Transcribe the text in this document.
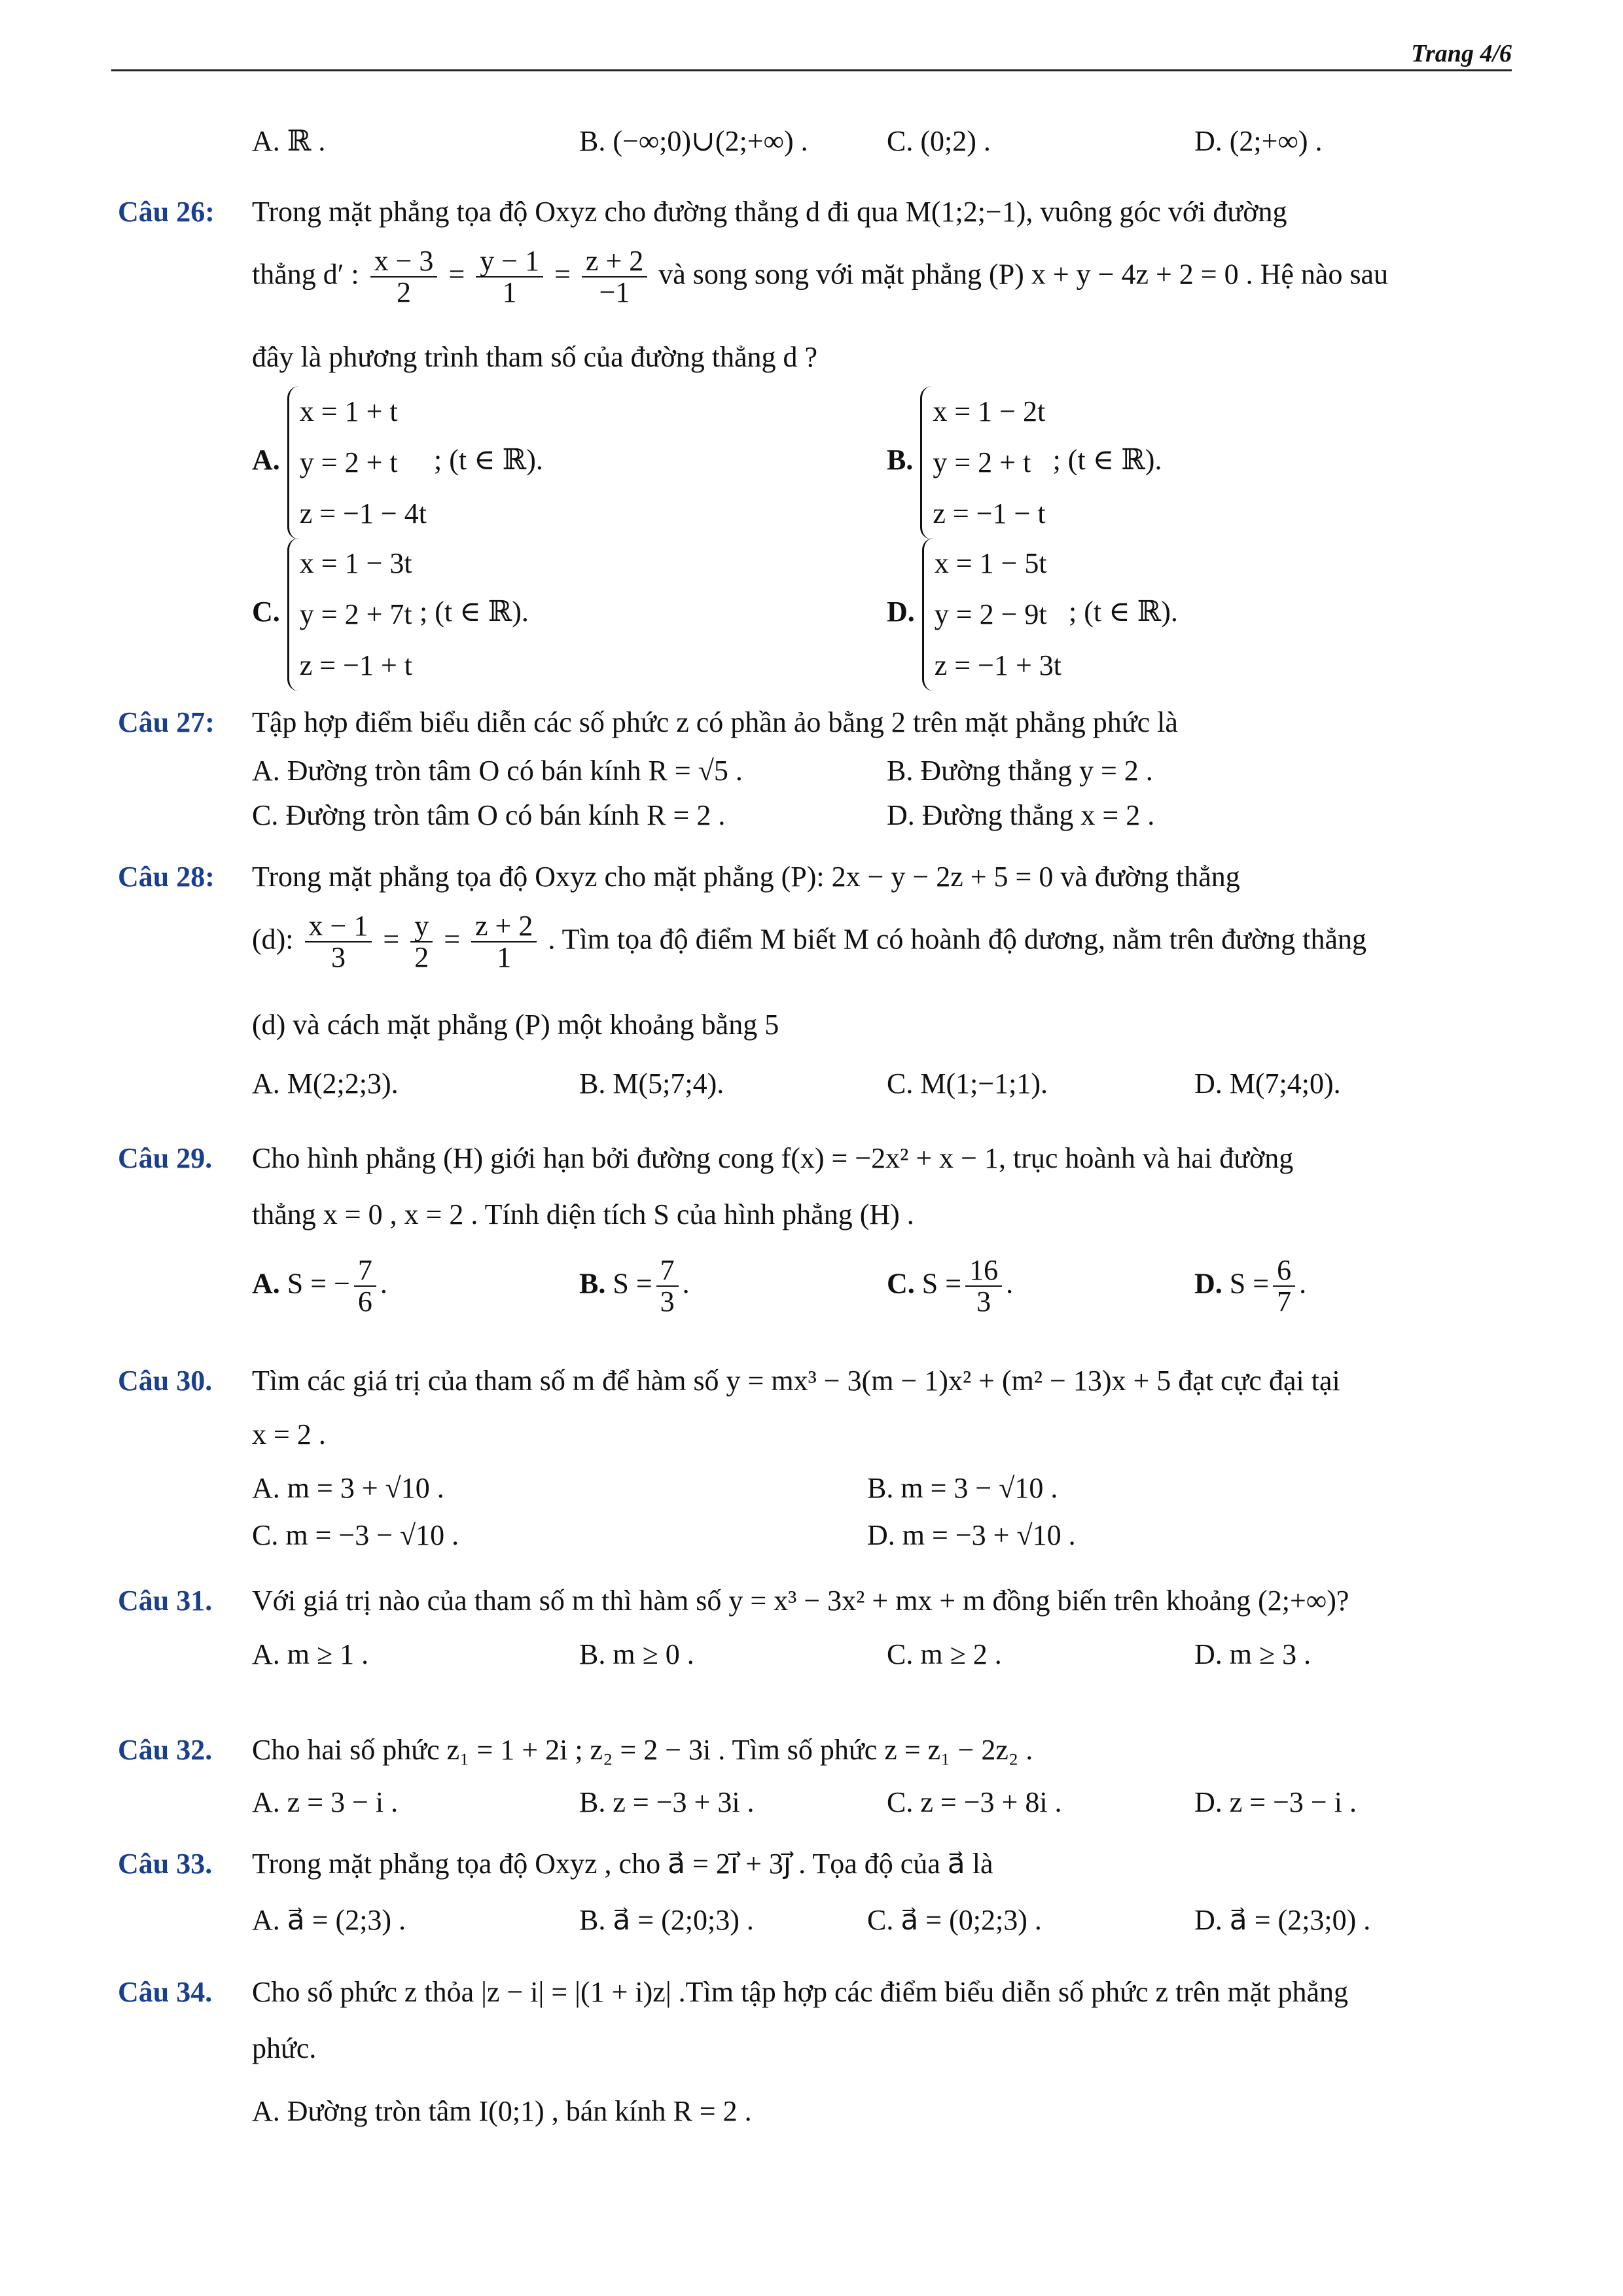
Trang 4/6
A. ℝ .	B. (−∞;0)∪(2;+∞) .	C. (0;2) .	D. (2;+∞) .
Câu 26: Trong mặt phẳng tọa độ Oxyz cho đường thẳng d đi qua M(1;2;−1), vuông góc với đường
thẳng d′ : $\frac{x - 3}{2} = \frac{y - 1}{1} = \frac{z + 2}{-1}$ và song song với mặt phẳng (P) x + y − 4z + 2 = 0 . Hệ nào sau
đây là phương trình tham số của đường thẳng d ?
A.
x = 1 + t
y = 2 + t
z = −1 − 4t
; (t ∈ ℝ).	B.
x = 1 − 2t
y = 2 + t
z = −1 − t
; (t ∈ ℝ).
C.
x = 1 − 3t
y = 2 + 7t
z = −1 + t
; (t ∈ ℝ).	D.
x = 1 − 5t
y = 2 − 9t
z = −1 + 3t
; (t ∈ ℝ).
Câu 27: Tập hợp điểm biểu diễn các số phức z có phần ảo bằng 2 trên mặt phẳng phức là
A. Đường tròn tâm O có bán kính R = √5 .	B. Đường thẳng y = 2 .
C. Đường tròn tâm O có bán kính R = 2 .	D. Đường thẳng x = 2 .
Câu 28: Trong mặt phẳng tọa độ Oxyz cho mặt phẳng (P): 2x − y − 2z + 5 = 0 và đường thẳng
(d): $\frac{x - 1}{3} = \frac{y}{2} = \frac{z + 2}{1}$ . Tìm tọa độ điểm M biết M có hoành độ dương, nằm trên đường thẳng
(d) và cách mặt phẳng (P) một khoảng bằng 5
A. M(2;2;3).	B. M(5;7;4).	C. M(1;−1;1).	D. M(7;4;0).
Câu 29. Cho hình phẳng (H) giới hạn bởi đường cong f(x) = −2x² + x − 1, trục hoành và hai đường
thẳng x = 0 , x = 2 . Tính diện tích S của hình phẳng (H) .
A. S = − $\frac{7}{6}$ .	B. $S = \frac{7}{3}$ .	C. $S = \frac{16}{3}$ .	D. $S = \frac{6}{7}$ .
Câu 30. Tìm các giá trị của tham số m để hàm số y = mx³ − 3(m − 1)x² + (m² − 13)x + 5 đạt cực đại tại
x = 2 .
A. m = 3 + √10 .	B. m = 3 − √10 .
C. m = −3 − √10 .	D. m = −3 + √10 .
Câu 31. Với giá trị nào của tham số m thì hàm số y = x³ − 3x² + mx + m đồng biến trên khoảng (2;+∞)?
A. m ≥ 1 .	B. m ≥ 0 .	C. m ≥ 2 .	D. m ≥ 3 .
Câu 32. Cho hai số phức z₁ = 1 + 2i ; z₂ = 2 − 3i . Tìm số phức z = z₁ − 2z₂ .
A. z = 3 − i .	B. z = −3 + 3i .	C. z = −3 + 8i .	D. z = −3 − i .
Câu 33. Trong mặt phẳng tọa độ Oxyz , cho a⃗ = 2i⃗ + 3j⃗ . Tọa độ của a⃗ là
A. a⃗ = (2;3) .	B. a⃗ = (2;0;3) .	C. a⃗ = (0;2;3) .	D. a⃗ = (2;3;0) .
Câu 34. Cho số phức z thỏa |z − i| = |(1 + i)z| .Tìm tập hợp các điểm biểu diễn số phức z trên mặt phẳng
phức.
A. Đường tròn tâm I(0;1) , bán kính R = 2 .
